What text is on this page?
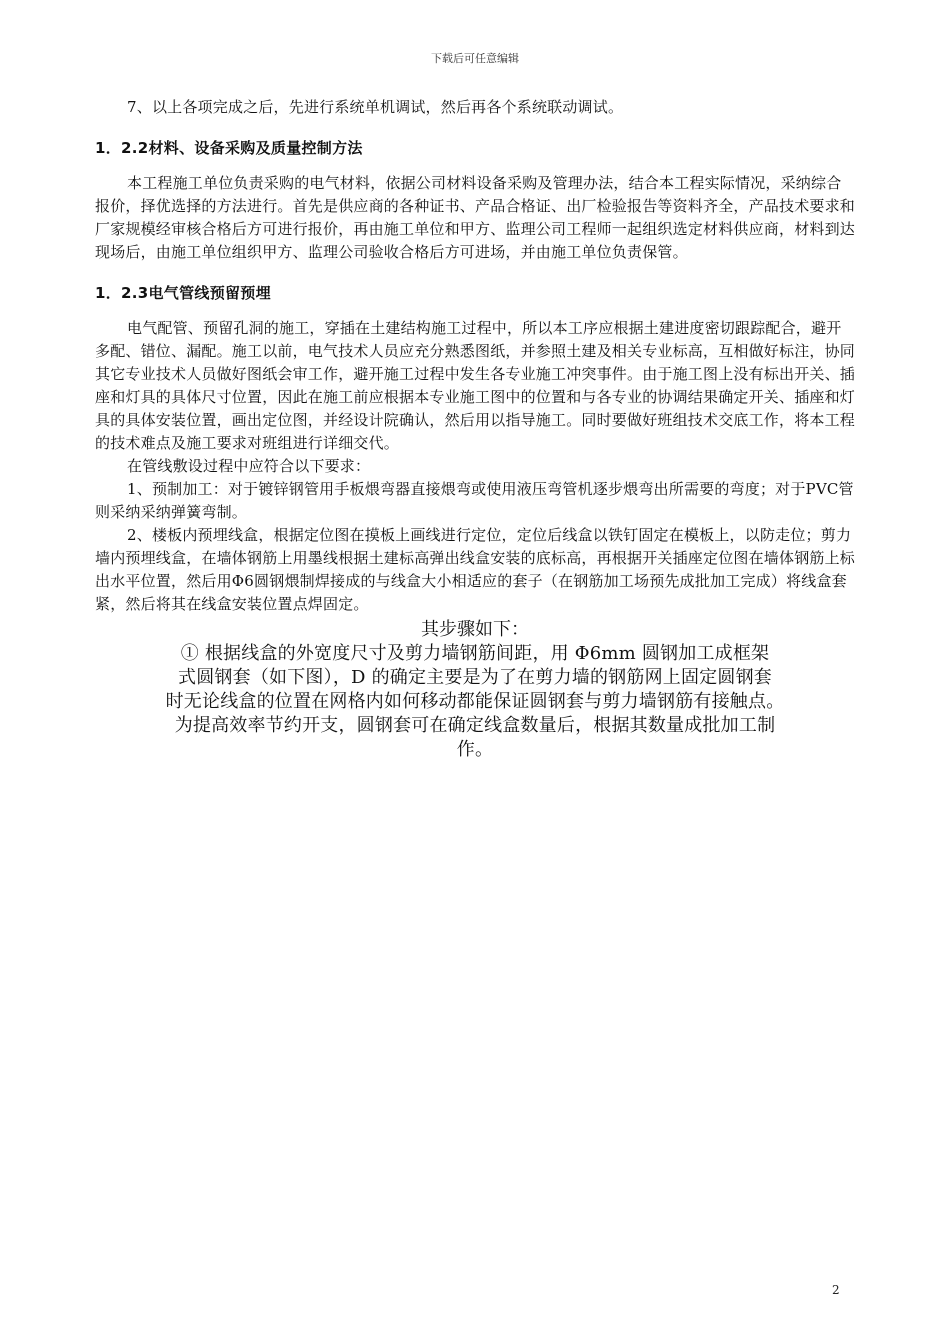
下载后可任意编辑

7、以上各项完成之后，先进行系统单机调试，然后再各个系统联动调试。

1．2.2材料、设备采购及质量控制方法

本工程施工单位负责采购的电气材料，依据公司材料设备采购及管理办法，结合本工程实际情况，采纳综合报价，择优选择的方法进行。首先是供应商的各种证书、产品合格证、出厂检验报告等资料齐全，产品技术要求和厂家规模经审核合格后方可进行报价，再由施工单位和甲方、监理公司工程师一起组织选定材料供应商，材料到达现场后，由施工单位组织甲方、监理公司验收合格后方可进场，并由施工单位负责保管。

1．2.3电气管线预留预埋

电气配管、预留孔洞的施工，穿插在土建结构施工过程中，所以本工序应根据土建进度密切跟踪配合，避开多配、错位、漏配。施工以前，电气技术人员应充分熟悉图纸，并参照土建及相关专业标高，互相做好标注，协同其它专业技术人员做好图纸会审工作，避开施工过程中发生各专业施工冲突事件。由于施工图上没有标出开关、插座和灯具的具体尺寸位置，因此在施工前应根据本专业施工图中的位置和与各专业的协调结果确定开关、插座和灯具的具体安装位置，画出定位图，并经设计院确认，然后用以指导施工。同时要做好班组技术交底工作，将本工程的技术难点及施工要求对班组进行详细交代。

在管线敷设过程中应符合以下要求：

1、预制加工：对于镀锌钢管用手板煨弯器直接煨弯或使用液压弯管机逐步煨弯出所需要的弯度；对于PVC管则采纳采纳弹簧弯制。

2、楼板内预埋线盒，根据定位图在摸板上画线进行定位，定位后线盒以铁钉固定在模板上，以防走位；剪力墙内预埋线盒，在墙体钢筋上用墨线根据土建标高弹出线盒安装的底标高，再根据开关插座定位图在墙体钢筋上标出水平位置，然后用Φ6圆钢煨制焊接成的与线盒大小相适应的套子（在钢筋加工场预先成批加工完成）将线盒套紧，然后将其在线盒安装位置点焊固定。

其步骤如下：

① 根据线盒的外宽度尺寸及剪力墙钢筋间距，用 Φ6mm 圆钢加工成框架

式圆钢套（如下图），D 的确定主要是为了在剪力墙的钢筋网上固定圆钢套

时无论线盒的位置在网格内如何移动都能保证圆钢套与剪力墙钢筋有接触点。

为提高效率节约开支，圆钢套可在确定线盒数量后，根据其数量成批加工制

作。

2
